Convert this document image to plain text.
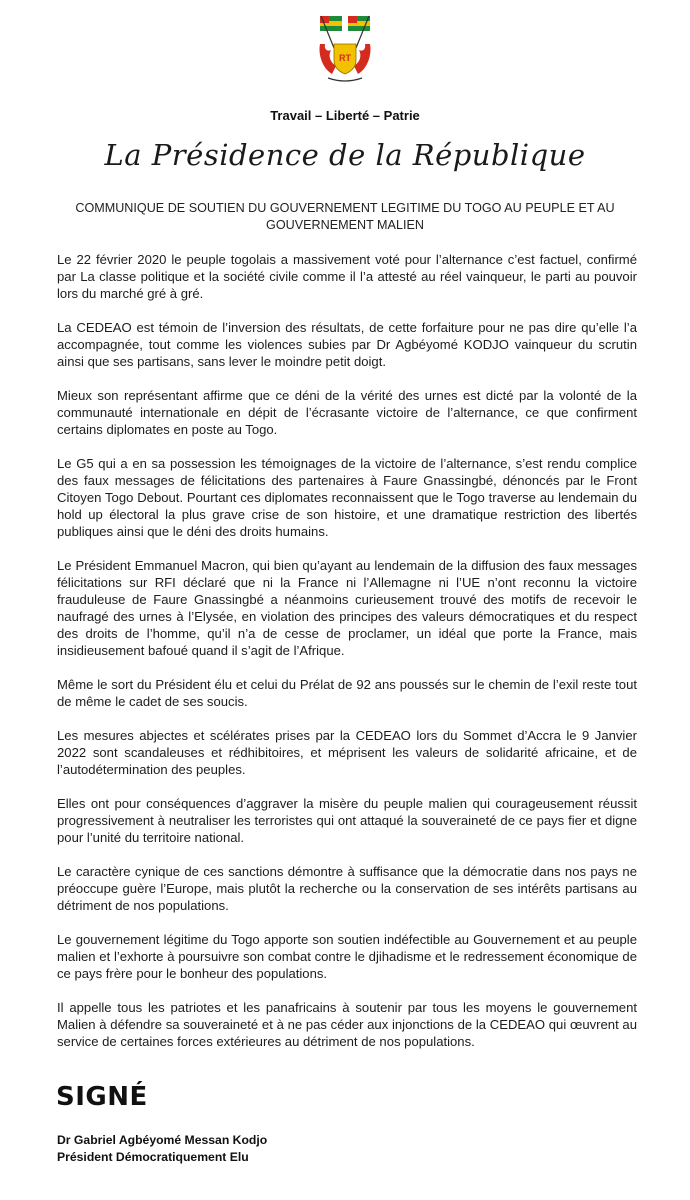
RT
Travail – Liberté – Patrie
La Présidence de la République
COMMUNIQUE DE SOUTIEN DU GOUVERNEMENT LEGITIME DU TOGO AU PEUPLE ET AU
GOUVERNEMENT MALIEN

Le 22 février 2020 le peuple togolais a massivement voté pour l’alternance c’est factuel, confirmé par La classe politique et la société civile comme il l’a attesté au réel vainqueur, le parti au pouvoir lors du marché gré à gré.

La CEDEAO est témoin de l’inversion des résultats, de cette forfaiture pour ne pas dire qu’elle l’a accompagnée, tout comme les violences subies par Dr Agbéyomé KODJO vainqueur du scrutin ainsi que ses partisans, sans lever le moindre petit doigt.

Mieux son représentant affirme que ce déni de la vérité des urnes est dicté par la volonté de la communauté internationale en dépit de l’écrasante victoire de l’alternance, ce que confirment certains diplomates en poste au Togo.

Le G5 qui a en sa possession les témoignages de la victoire de l’alternance, s’est rendu complice des faux messages de félicitations des partenaires à Faure Gnassingbé, dénoncés par le Front Citoyen Togo Debout. Pourtant ces diplomates reconnaissent que le Togo traverse au lendemain du hold up électoral la plus grave crise de son histoire, et une dramatique restriction des libertés publiques ainsi que le déni des droits humains.

Le Président Emmanuel Macron, qui bien qu’ayant au lendemain de la diffusion des faux messages félicitations sur RFI déclaré que ni la France ni l’Allemagne ni l’UE n’ont reconnu la victoire frauduleuse de Faure Gnassingbé a néanmoins curieusement trouvé des motifs de recevoir le naufragé des urnes à l’Elysée, en violation des principes des valeurs démocratiques et du respect des droits de l’homme, qu’il n’a de cesse de proclamer, un idéal que porte la France, mais insidieusement bafoué quand il s’agit de l’Afrique.

Même le sort du Président élu et celui du Prélat de 92 ans poussés sur le chemin de l’exil reste tout de même le cadet de ses soucis.

Les mesures abjectes et scélérates prises par la CEDEAO lors du Sommet d’Accra le 9 Janvier 2022 sont scandaleuses et rédhibitoires, et méprisent les valeurs de solidarité africaine, et de l’autodétermination des peuples.

Elles ont pour conséquences d’aggraver la misère du peuple malien qui courageusement réussit progressivement à neutraliser les terroristes qui ont attaqué la souveraineté de ce pays fier et digne pour l’unité du territoire national.

Le caractère cynique de ces sanctions démontre à suffisance que la démocratie dans nos pays ne préoccupe guère l’Europe, mais plutôt la recherche ou la conservation de ses intérêts partisans au détriment de nos populations.

Le gouvernement légitime du Togo apporte son soutien indéfectible au Gouvernement et au peuple malien et l’exhorte à poursuivre son combat contre le djihadisme et le redressement économique de ce pays frère pour le bonheur des populations.

Il appelle tous les patriotes et les panafricains à soutenir par tous les moyens le gouvernement Malien à défendre sa souveraineté et à ne pas céder aux injonctions de la CEDEAO qui œuvrent au service de certaines forces extérieures au détriment de nos populations.

SIGNÉ
Dr Gabriel Agbéyomé Messan Kodjo
Président Démocratiquement Elu
